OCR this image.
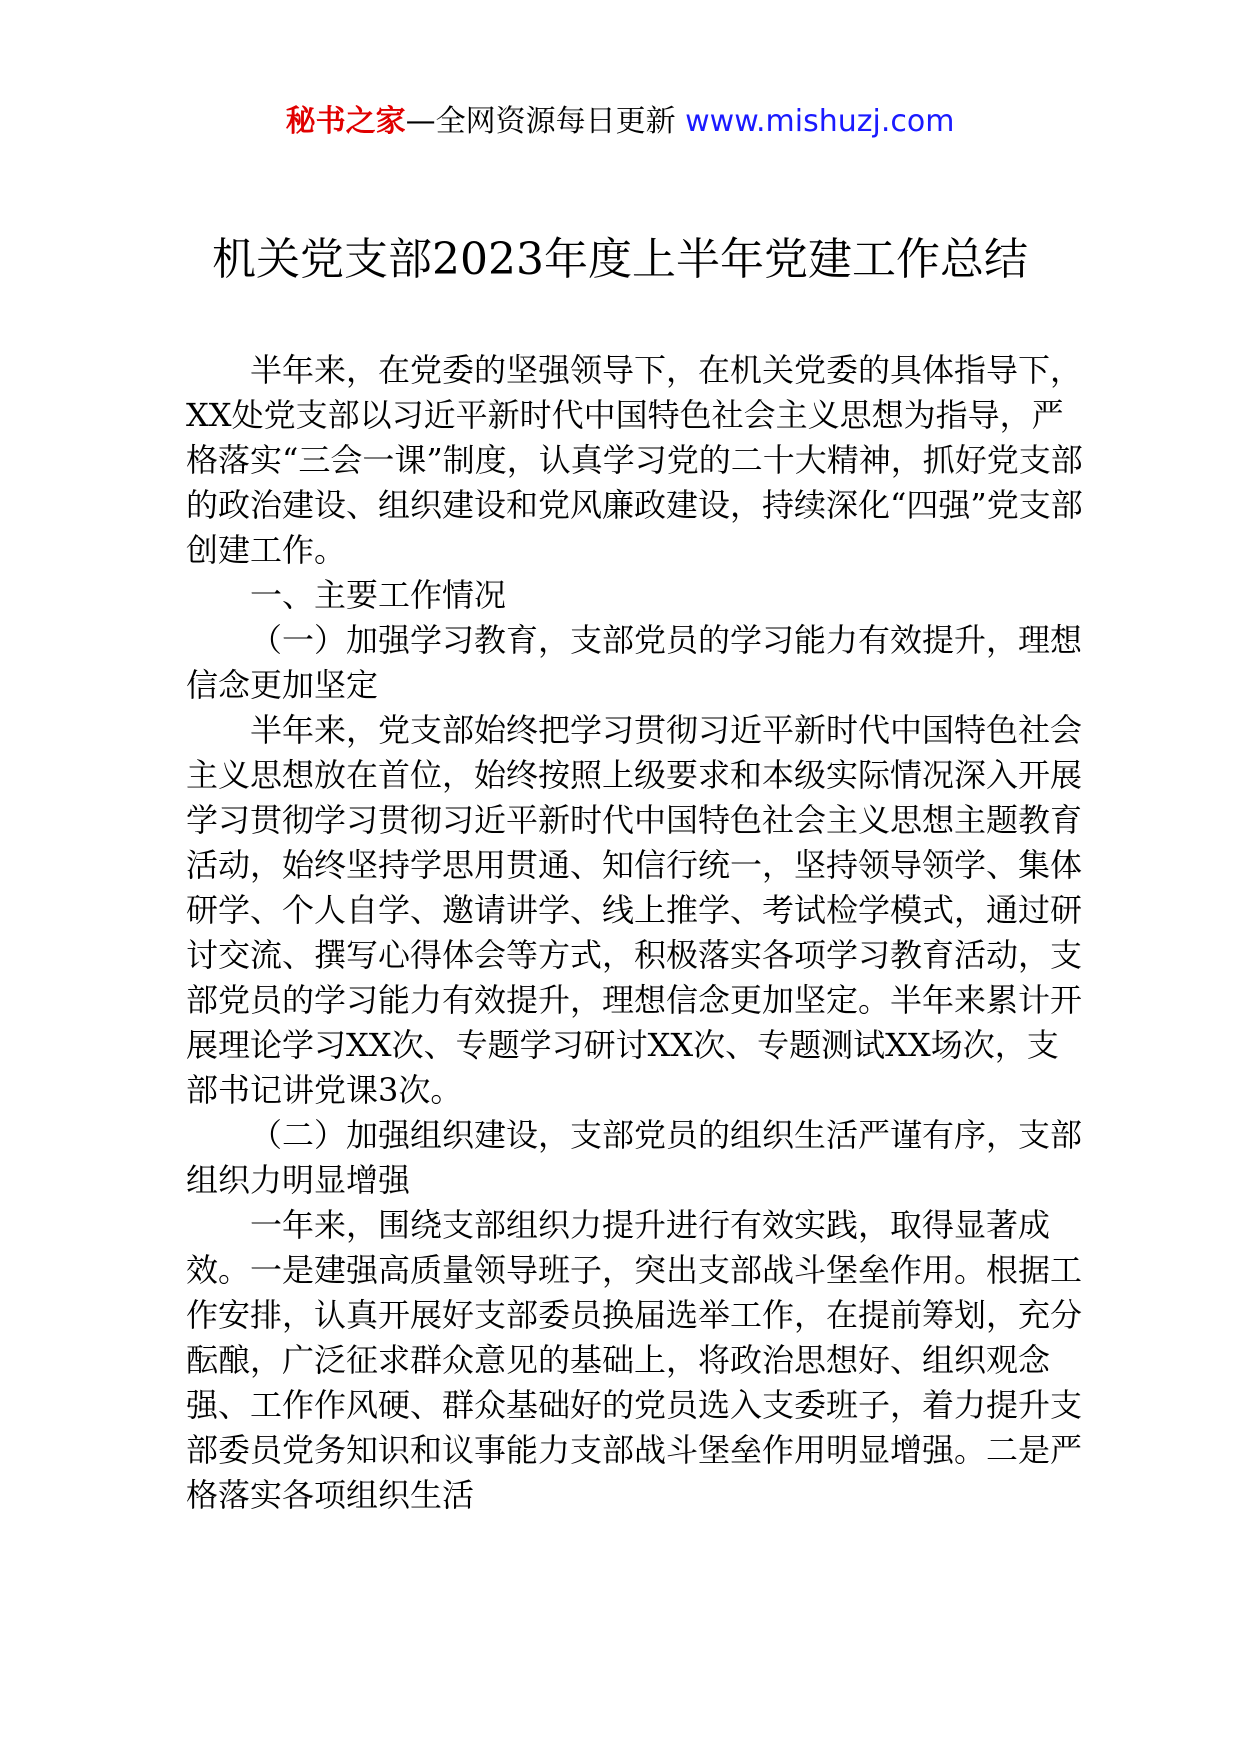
秘书之家—全网资源每日更新 www.mishuzj.com
机关党支部2023年度上半年党建工作总结

半年来，在党委的坚强领导下，在机关党委的具体指导下，XX处党支部以习近平新时代中国特色社会主义思想为指导，严格落实“三会一课”制度，认真学习党的二十大精神，抓好党支部的政治建设、组织建设和党风廉政建设，持续深化“四强”党支部创建工作。

一、主要工作情况

（一）加强学习教育，支部党员的学习能力有效提升，理想信念更加坚定

半年来，党支部始终把学习贯彻习近平新时代中国特色社会主义思想放在首位，始终按照上级要求和本级实际情况深入开展学习贯彻学习贯彻习近平新时代中国特色社会主义思想主题教育活动，始终坚持学思用贯通、知信行统一，坚持领导领学、集体研学、个人自学、邀请讲学、线上推学、考试检学模式，通过研讨交流、撰写心得体会等方式，积极落实各项学习教育活动，支部党员的学习能力有效提升，理想信念更加坚定。半年来累计开展理论学习XX次、专题学习研讨XX次、专题测试XX场次，支部书记讲党课3次。

（二）加强组织建设，支部党员的组织生活严谨有序，支部组织力明显增强

一年来，围绕支部组织力提升进行有效实践，取得显著成效。一是建强高质量领导班子，突出支部战斗堡垒作用。根据工作安排，认真开展好支部委员换届选举工作，在提前筹划，充分酝酿，广泛征求群众意见的基础上，将政治思想好、组织观念强、工作作风硬、群众基础好的党员选入支委班子，着力提升支部委员党务知识和议事能力支部战斗堡垒作用明显增强。二是严格落实各项组织生活
